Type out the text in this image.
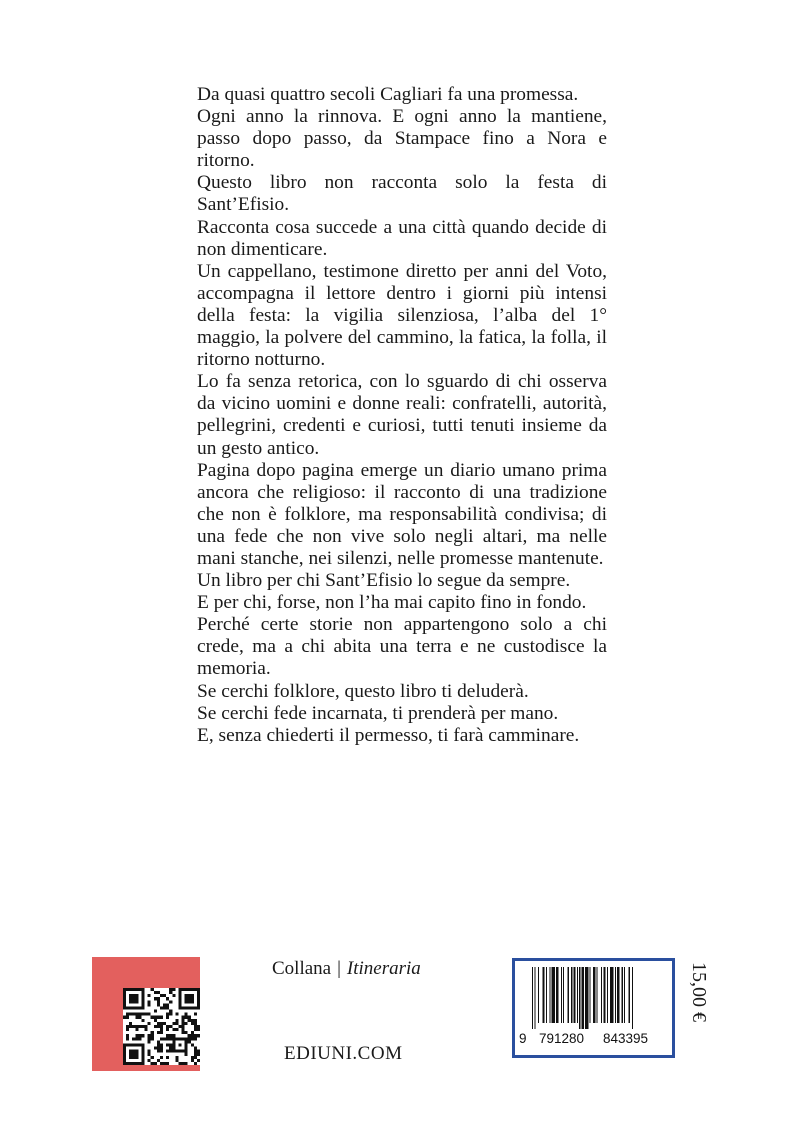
Da quasi quattro secoli Cagliari fa una promessa.

Ogni anno la rinnova. E ogni anno la mantiene, passo dopo passo, da Stampace fino a Nora e ritorno.

Questo libro non racconta solo la festa di Sant’Efisio.

Racconta cosa succede a una città quando decide di non dimenticare.

Un cappellano, testimone diretto per anni del Voto, accompagna il lettore dentro i giorni più intensi della festa: la vigilia silenziosa, l’alba del 1° maggio, la polvere del cammino, la fatica, la folla, il ritorno notturno.

Lo fa senza retorica, con lo sguardo di chi osserva da vicino uomini e donne reali: confratelli, autorità, pellegrini, credenti e curiosi, tutti tenuti insieme da un gesto antico.

Pagina dopo pagina emerge un diario umano prima ancora che religioso: il racconto di una tradizione che non è folklore, ma responsabilità condivisa; di una fede che non vive solo negli altari, ma nelle mani stanche, nei silenzi, nelle promesse mantenute.

Un libro per chi Sant’Efisio lo segue da sempre.

E per chi, forse, non l’ha mai capito fino in fondo.

Perché certe storie non appartengono solo a chi crede, ma a chi abita una terra e ne custodisce la memoria.

Se cerchi folklore, questo libro ti deluderà.

Se cerchi fede incarnata, ti prenderà per mano.

E, senza chiederti il permesso, ti farà camminare.

Collana | Itineraria
EDIUNI.COM
9 791280 843395
15,00 €
